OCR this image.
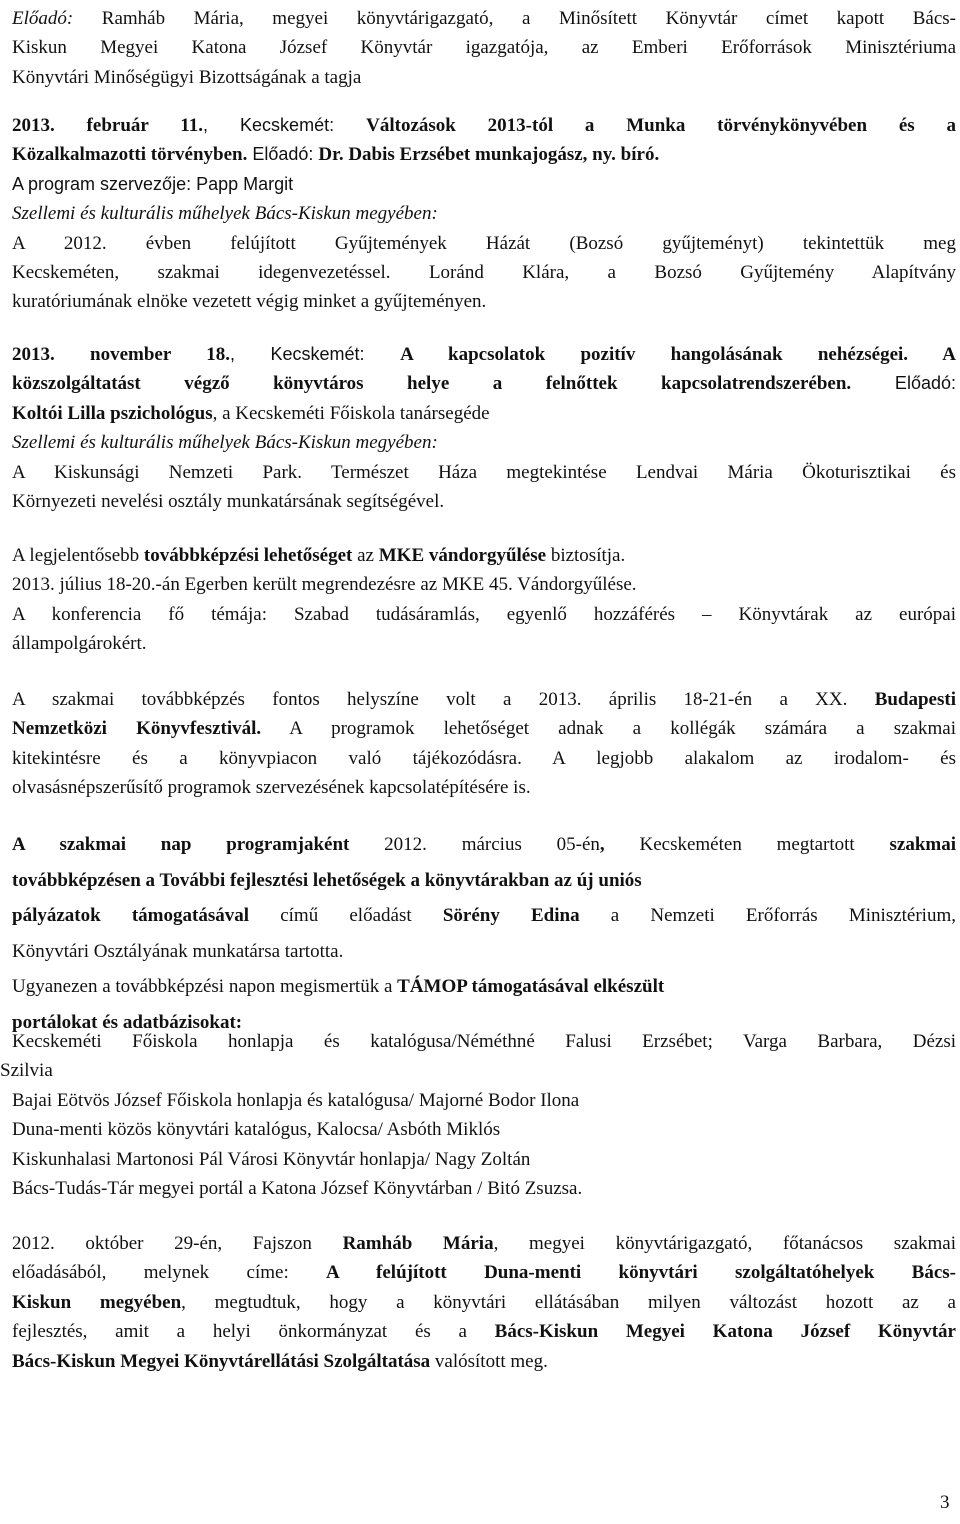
Előadó: Ramháb Mária, megyei könyvtárigazgató, a Minősített Könyvtár címet kapott Bács-
Kiskun Megyei Katona József Könyvtár igazgatója, az Emberi Erőforrások Minisztériuma
Könyvtári Minőségügyi Bizottságának a tagja

2013. február 11., Kecskemét: Változások 2013-tól a Munka törvénykönyvében és a
Közalkalmazotti törvényben. Előadó: Dr. Dabis Erzsébet munkajogász, ny. bíró.
A program szervezője: Papp Margit
Szellemi és kulturális műhelyek Bács-Kiskun megyében:
A 2012. évben felújított Gyűjtemények Házát (Bozsó gyűjteményt) tekintettük meg
Kecskeméten, szakmai idegenvezetéssel. Loránd Klára, a Bozsó Gyűjtemény Alapítvány
kuratóriumának elnöke vezetett végig minket a gyűjteményen.

2013. november 18., Kecskemét: A kapcsolatok pozitív hangolásának nehézségei. A
közszolgáltatást végző könyvtáros helye a felnőttek kapcsolatrendszerében. Előadó:
Koltói Lilla pszichológus, a Kecskeméti Főiskola tanársegéde
Szellemi és kulturális műhelyek Bács-Kiskun megyében:
A Kiskunsági Nemzeti Park. Természet Háza megtekintése Lendvai Mária Ökoturisztikai és
Környezeti nevelési osztály munkatársának segítségével.

A legjelentősebb továbbképzési lehetőséget az MKE vándorgyűlése biztosítja.
2013. július 18-20.-án Egerben került megrendezésre az MKE 45. Vándorgyűlése.
A konferencia fő témája: Szabad tudásáramlás, egyenlő hozzáférés – Könyvtárak az európai
állampolgárokért.

A szakmai továbbképzés fontos helyszíne volt a 2013. április 18-21-én a XX. Budapesti
Nemzetközi Könyvfesztivál. A programok lehetőséget adnak a kollégák számára a szakmai
kitekintésre és a könyvpiacon való tájékozódásra. A legjobb alakalom az irodalom- és
olvasásnépszerűsítő programok szervezésének kapcsolatépítésére is.

A szakmai nap programjaként 2012. március 05-én, Kecskeméten megtartott szakmai
továbbképzésen a További fejlesztési lehetőségek a könyvtárakban az új uniós
pályázatok támogatásával című előadást Sörény Edina a Nemzeti Erőforrás Minisztérium,
Könyvtári Osztályának munkatársa tartotta.
Ugyanezen a továbbképzési napon megismertük a TÁMOP támogatásával elkészült
portálokat és adatbázisokat:

Kecskeméti Főiskola honlapja és katalógusa/Néméthné Falusi Erzsébet; Varga Barbara, Dézsi
Szilvia
Bajai Eötvös József Főiskola honlapja és katalógusa/ Majorné Bodor Ilona
Duna-menti közös könyvtári katalógus, Kalocsa/ Asbóth Miklós
Kiskunhalasi Martonosi Pál Városi Könyvtár honlapja/ Nagy Zoltán
Bács-Tudás-Tár megyei portál a Katona József Könyvtárban / Bitó Zsuzsa.

2012. október 29-én, Fajszon Ramháb Mária, megyei könyvtárigazgató, főtanácsos szakmai
előadásából, melynek címe: A felújított Duna-menti könyvtári szolgáltatóhelyek Bács-
Kiskun megyében, megtudtuk, hogy a könyvtári ellátásában milyen változást hozott az a
fejlesztés, amit a helyi önkormányzat és a Bács-Kiskun Megyei Katona József Könyvtár
Bács-Kiskun Megyei Könyvtárellátási Szolgáltatása valósított meg.

3
